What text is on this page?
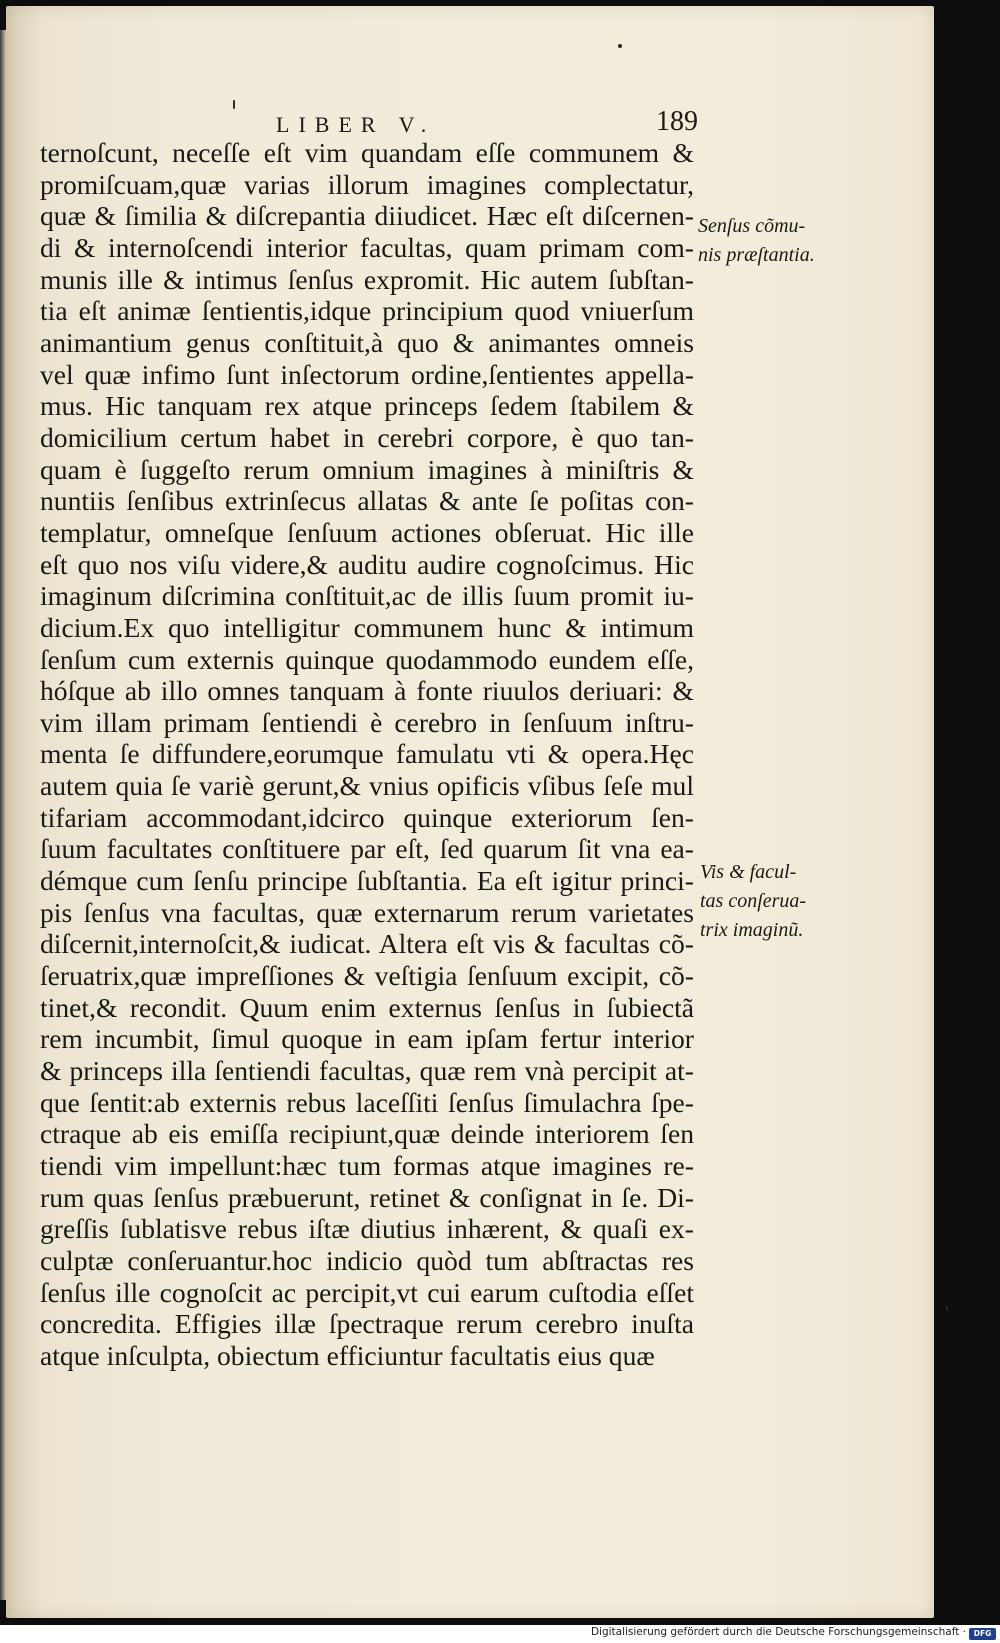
LIBER V.	189
ternoſcunt, neceſſe eſt vim quandam eſſe communem &
promiſcuam,quæ varias illorum imagines complectatur,
quæ & ſimilia & diſcrepantia diiudicet. Hæc eſt diſcernen-
di & internoſcendi interior facultas, quam primam com-
munis ille & intimus ſenſus expromit. Hic autem ſubſtan-
tia eſt animæ ſentientis,idque principium quod vniuerſum
animantium genus conſtituit,à quo & animantes omneis
vel quæ infimo ſunt inſectorum ordine,ſentientes appella-
mus. Hic tanquam rex atque princeps ſedem ſtabilem &
domicilium certum habet in cerebri corpore, è quo tan-
quam è ſuggeſto rerum omnium imagines à miniſtris &
nuntiis ſenſibus extrinſecus allatas & ante ſe poſitas con-
templatur, omneſque ſenſuum actiones obſeruat. Hic ille
eſt quo nos viſu videre,& auditu audire cognoſcimus. Hic
imaginum diſcrimina conſtituit,ac de illis ſuum promit iu-
dicium.Ex quo intelligitur communem hunc & intimum
ſenſum cum externis quinque quodammodo eundem eſſe,
hóſque ab illo omnes tanquam à fonte riuulos deriuari: &
vim illam primam ſentiendi è cerebro in ſenſuum inſtru-
menta ſe diffundere,eorumque famulatu vti & opera.Hęc
autem quia ſe variè gerunt,& vnius opificis vſibus ſeſe mul
tifariam accommodant,idcirco quinque exteriorum ſen-
ſuum facultates conſtituere par eſt, ſed quarum ſit vna ea-
démque cum ſenſu principe ſubſtantia. Ea eſt igitur princi-
pis ſenſus vna facultas, quæ externarum rerum varietates
diſcernit,internoſcit,& iudicat. Altera eſt vis & facultas cõ-
ſeruatrix,quæ impreſſiones & veſtigia ſenſuum excipit, cõ-
tinet,& recondit. Quum enim externus ſenſus in ſubiectã
rem incumbit, ſimul quoque in eam ipſam fertur interior
& princeps illa ſentiendi facultas, quæ rem vnà percipit at-
que ſentit:ab externis rebus laceſſiti ſenſus ſimulachra ſpe-
ctraque ab eis emiſſa recipiunt,quæ deinde interiorem ſen
tiendi vim impellunt:hæc tum formas atque imagines re-
rum quas ſenſus præbuerunt, retinet & conſignat in ſe. Di-
greſſis ſublatisve rebus iſtæ diutius inhærent, & quaſi ex-
culptæ conſeruantur.hoc indicio quòd tum abſtractas res
ſenſus ille cognoſcit ac percipit,vt cui earum cuſtodia eſſet
concredita. Effigies illæ ſpectraque rerum cerebro inuſta
atque inſculpta, obiectum efficiuntur facultatis eius quæ
Senſus cõmu-
nis præſtantia.
Vis & facul-
tas conſerua-
trix imaginũ.
Digitalisierung gefördert durch die Deutsche Forschungsgemeinschaft ·	DFG
